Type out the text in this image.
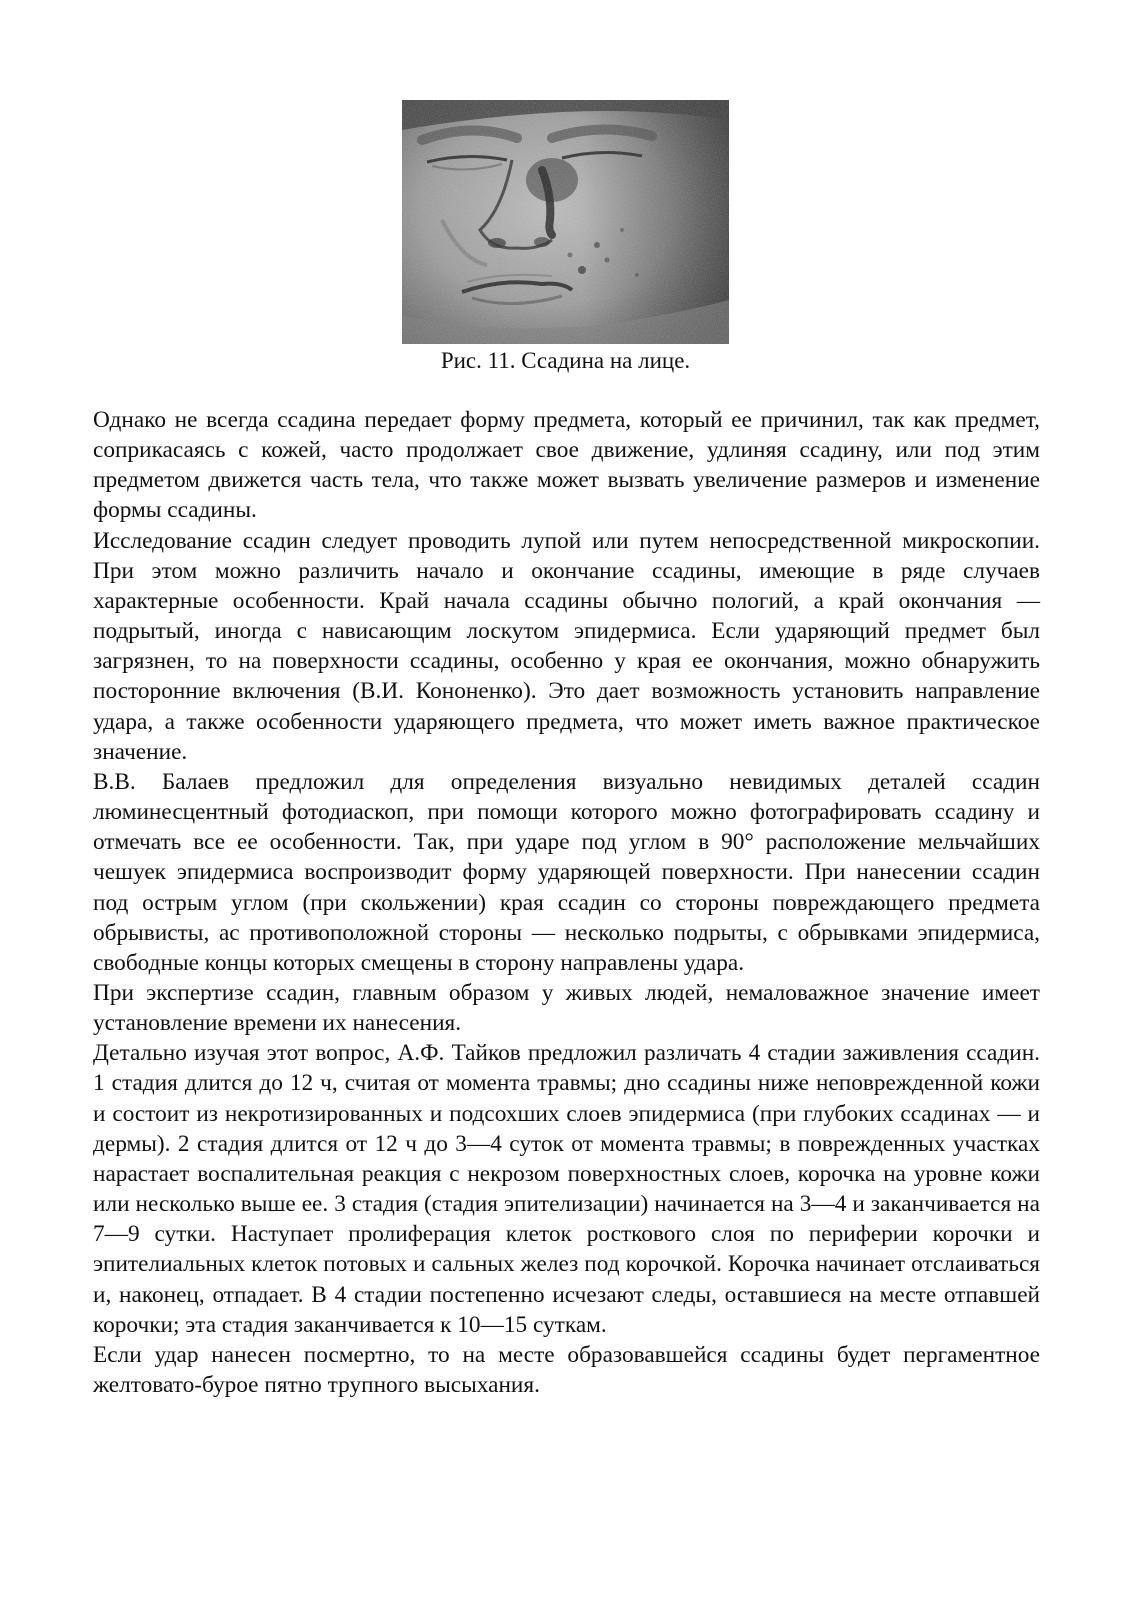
Рис. 11. Ссадина на лице.

Однако не всегда ссадина передает форму предмета, который ее причинил, так как предмет, соприкасаясь с кожей, часто продолжает свое движение, удлиняя ссадину, или под этим предметом движется часть тела, что также может вызвать увеличение размеров и изменение формы ссадины.

Исследование ссадин следует проводить лупой или путем непосредственной микроскопии. При этом можно различить начало и окончание ссадины, имеющие в ряде случаев характерные особенности. Край начала ссадины обычно пологий, а край окончания — подрытый, иногда с нависающим лоскутом эпидермиса. Если ударяющий предмет был загрязнен, то на поверхности ссадины, особенно у края ее окончания, можно обнаружить посторонние включения (В.И. Кононенко). Это дает возможность установить направление удара, а также особенности ударяющего предмета, что может иметь важное практическое значение.

В.В. Балаев предложил для определения визуально невидимых деталей ссадин люминесцентный фотодиаскоп, при помощи которого можно фотографировать ссадину и отмечать все ее особенности. Так, при ударе под углом в 90° расположение мельчайших чешуек эпидермиса воспроизводит форму ударяющей поверхности. При нанесении ссадин под острым углом (при скольжении) края ссадин со стороны повреждающего предмета обрывисты, ас противоположной стороны — несколько подрыты, с обрывками эпидермиса, свободные концы которых смещены в сторону направлены удара.

При экспертизе ссадин, главным образом у живых людей, немаловажное значение имеет установление времени их нанесения.

Детально изучая этот вопрос, А.Ф. Тайков предложил различать 4 стадии заживления ссадин. 1 стадия длится до 12 ч, считая от момента травмы; дно ссадины ниже неповрежденной кожи и состоит из некротизированных и подсохших слоев эпидермиса (при глубоких ссадинах — и дермы). 2 стадия длится от 12 ч до 3—4 суток от момента травмы; в поврежденных участках нарастает воспалительная реакция с некрозом поверхностных слоев, корочка на уровне кожи или несколько выше ее. 3 стадия (стадия эпителизации) начинается на 3—4 и заканчивается на 7—9 сутки. Наступает пролиферация клеток росткового слоя по периферии корочки и эпителиальных клеток потовых и сальных желез под корочкой. Корочка начинает отслаиваться и, наконец, отпадает. В 4 стадии постепенно исчезают следы, оставшиеся на месте отпавшей корочки; эта стадия заканчивается к 10—15 суткам.

Если удар нанесен посмертно, то на месте образовавшейся ссадины будет пергаментное желтовато-бурое пятно трупного высыхания.
